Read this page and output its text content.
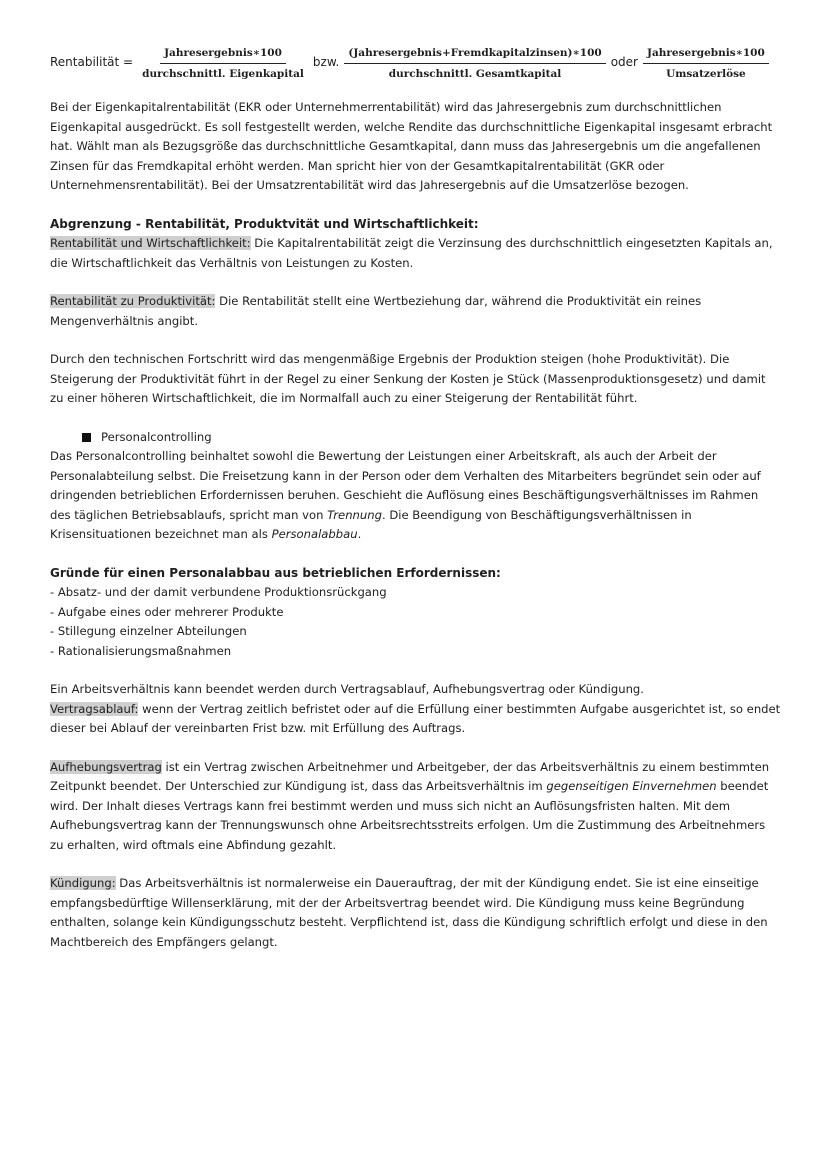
Rentabilität = $\frac{\text{Jahresergebnis∗100}}{\text{durchschnittl. Eigenkapital}}$ bzw. $\frac{\text{(Jahresergebnis+Fremdkapitalzinsen)∗100}}{\text{durchschnittl. Gesamtkapital}}$ oder $\frac{\text{Jahresergebnis∗100}}{\text{Umsatzerlöse}}$

Bei der Eigenkapitalrentabilität (EKR oder Unternehmerrentabilität) wird das Jahresergebnis zum durchschnittlichen Eigenkapital ausgedrückt. Es soll festgestellt werden, welche Rendite das durchschnittliche Eigenkapital insgesamt erbracht hat. Wählt man als Bezugsgröße das durchschnittliche Gesamtkapital, dann muss das Jahresergebnis um die angefallenen Zinsen für das Fremdkapital erhöht werden. Man spricht hier von der Gesamtkapitalrentabilität (GKR oder Unternehmensrentabilität). Bei der Umsatzrentabilität wird das Jahresergebnis auf die Umsatzerlöse bezogen.

Abgrenzung - Rentabilität, Produktvität und Wirtschaftlichkeit:

Rentabilität und Wirtschaftlichkeit: Die Kapitalrentabilität zeigt die Verzinsung des durchschnittlich eingesetzten Kapitals an, die Wirtschaftlichkeit das Verhältnis von Leistungen zu Kosten.

Rentabilität zu Produktivität: Die Rentabilität stellt eine Wertbeziehung dar, während die Produktivität ein reines Mengenverhältnis angibt.

Durch den technischen Fortschritt wird das mengenmäßige Ergebnis der Produktion steigen (hohe Produktivität). Die Steigerung der Produktivität führt in der Regel zu einer Senkung der Kosten je Stück (Massenproduktionsgesetz) und damit zu einer höheren Wirtschaftlichkeit, die im Normalfall auch zu einer Steigerung der Rentabilität führt.

Personalcontrolling

Das Personalcontrolling beinhaltet sowohl die Bewertung der Leistungen einer Arbeitskraft, als auch der Arbeit der Personalabteilung selbst. Die Freisetzung kann in der Person oder dem Verhalten des Mitarbeiters begründet sein oder auf dringenden betrieblichen Erfordernissen beruhen. Geschieht die Auflösung eines Beschäftigungsverhältnisses im Rahmen des täglichen Betriebsablaufs, spricht man von Trennung. Die Beendigung von Beschäftigungsverhältnissen in Krisensituationen bezeichnet man als Personalabbau.

Gründe für einen Personalabbau aus betrieblichen Erfordernissen:
- Absatz- und der damit verbundene Produktionsrückgang
- Aufgabe eines oder mehrerer Produkte
- Stillegung einzelner Abteilungen
- Rationalisierungsmaßnahmen

Ein Arbeitsverhältnis kann beendet werden durch Vertragsablauf, Aufhebungsvertrag oder Kündigung.

Vertragsablauf: wenn der Vertrag zeitlich befristet oder auf die Erfüllung einer bestimmten Aufgabe ausgerichtet ist, so endet dieser bei Ablauf der vereinbarten Frist bzw. mit Erfüllung des Auftrags.

Aufhebungsvertrag ist ein Vertrag zwischen Arbeitnehmer und Arbeitgeber, der das Arbeitsverhältnis zu einem bestimmten Zeitpunkt beendet. Der Unterschied zur Kündigung ist, dass das Arbeitsverhältnis im gegenseitigen Einvernehmen beendet wird. Der Inhalt dieses Vertrags kann frei bestimmt werden und muss sich nicht an Auflösungsfristen halten. Mit dem Aufhebungsvertrag kann der Trennungswunsch ohne Arbeitsrechtsstreits erfolgen. Um die Zustimmung des Arbeitnehmers zu erhalten, wird oftmals eine Abfindung gezahlt.

Kündigung: Das Arbeitsverhältnis ist normalerweise ein Dauerauftrag, der mit der Kündigung endet. Sie ist eine einseitige empfangsbedürftige Willenserklärung, mit der der Arbeitsvertrag beendet wird. Die Kündigung muss keine Begründung enthalten, solange kein Kündigungsschutz besteht. Verpflichtend ist, dass die Kündigung schriftlich erfolgt und diese in den Machtbereich des Empfängers gelangt.
